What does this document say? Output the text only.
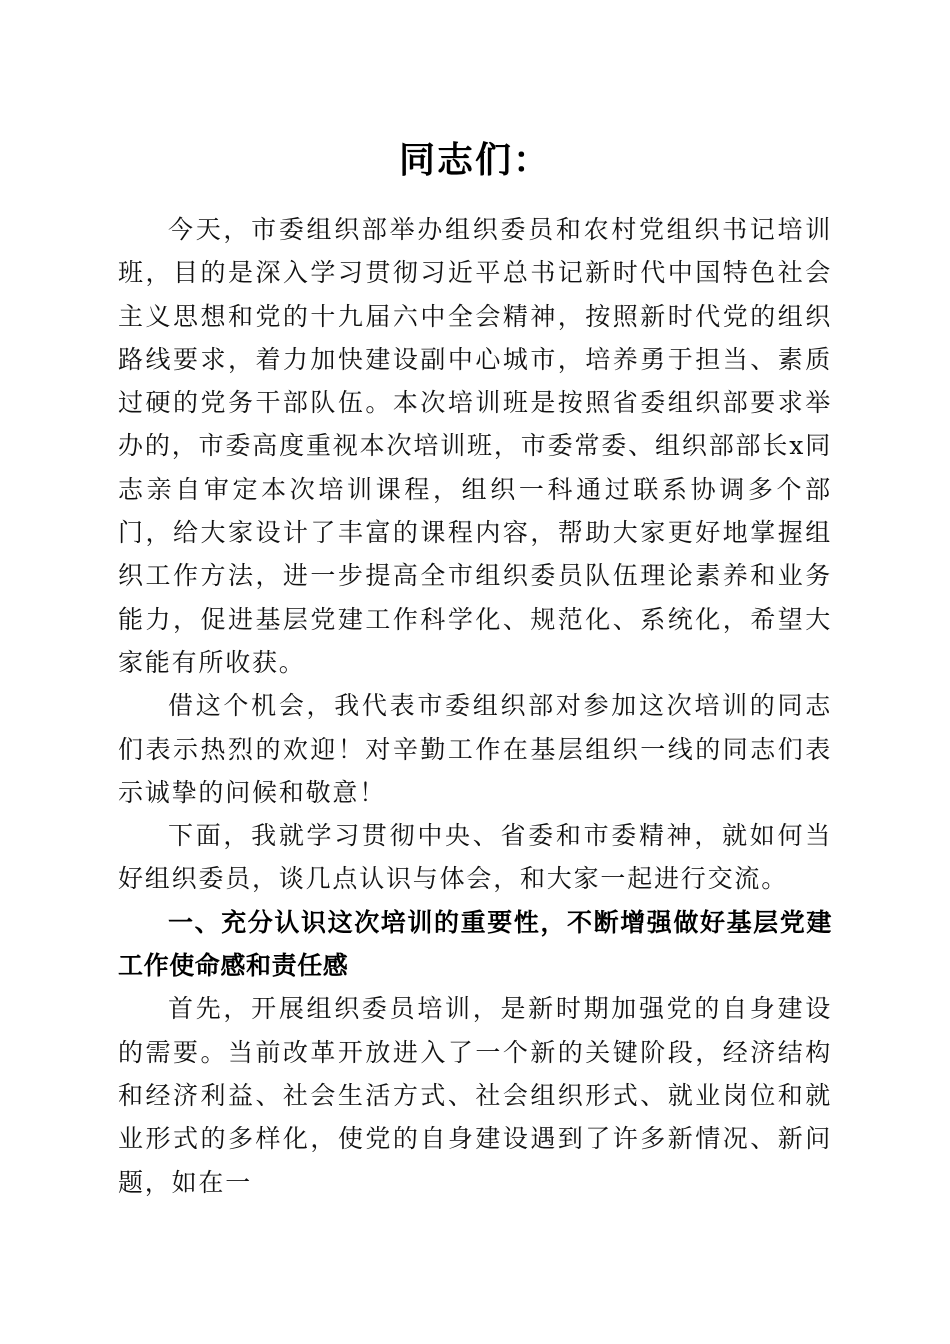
同志们：

今天，市委组织部举办组织委员和农村党组织书记培训班，目的是深入学习贯彻习近平总书记新时代中国特色社会主义思想和党的十九届六中全会精神，按照新时代党的组织路线要求，着力加快建设副中心城市，培养勇于担当、素质过硬的党务干部队伍。本次培训班是按照省委组织部要求举办的，市委高度重视本次培训班，市委常委、组织部部长x同志亲自审定本次培训课程，组织一科通过联系协调多个部门，给大家设计了丰富的课程内容，帮助大家更好地掌握组织工作方法，进一步提高全市组织委员队伍理论素养和业务能力，促进基层党建工作科学化、规范化、系统化，希望大家能有所收获。

借这个机会，我代表市委组织部对参加这次培训的同志们表示热烈的欢迎！对辛勤工作在基层组织一线的同志们表示诚挚的问候和敬意！

下面，我就学习贯彻中央、省委和市委精神，就如何当好组织委员，谈几点认识与体会，和大家一起进行交流。

一、充分认识这次培训的重要性，不断增强做好基层党建工作使命感和责任感

首先，开展组织委员培训，是新时期加强党的自身建设的需要。当前改革开放进入了一个新的关键阶段，经济结构和经济利益、社会生活方式、社会组织形式、就业岗位和就业形式的多样化，使党的自身建设遇到了许多新情况、新问题，如在一
